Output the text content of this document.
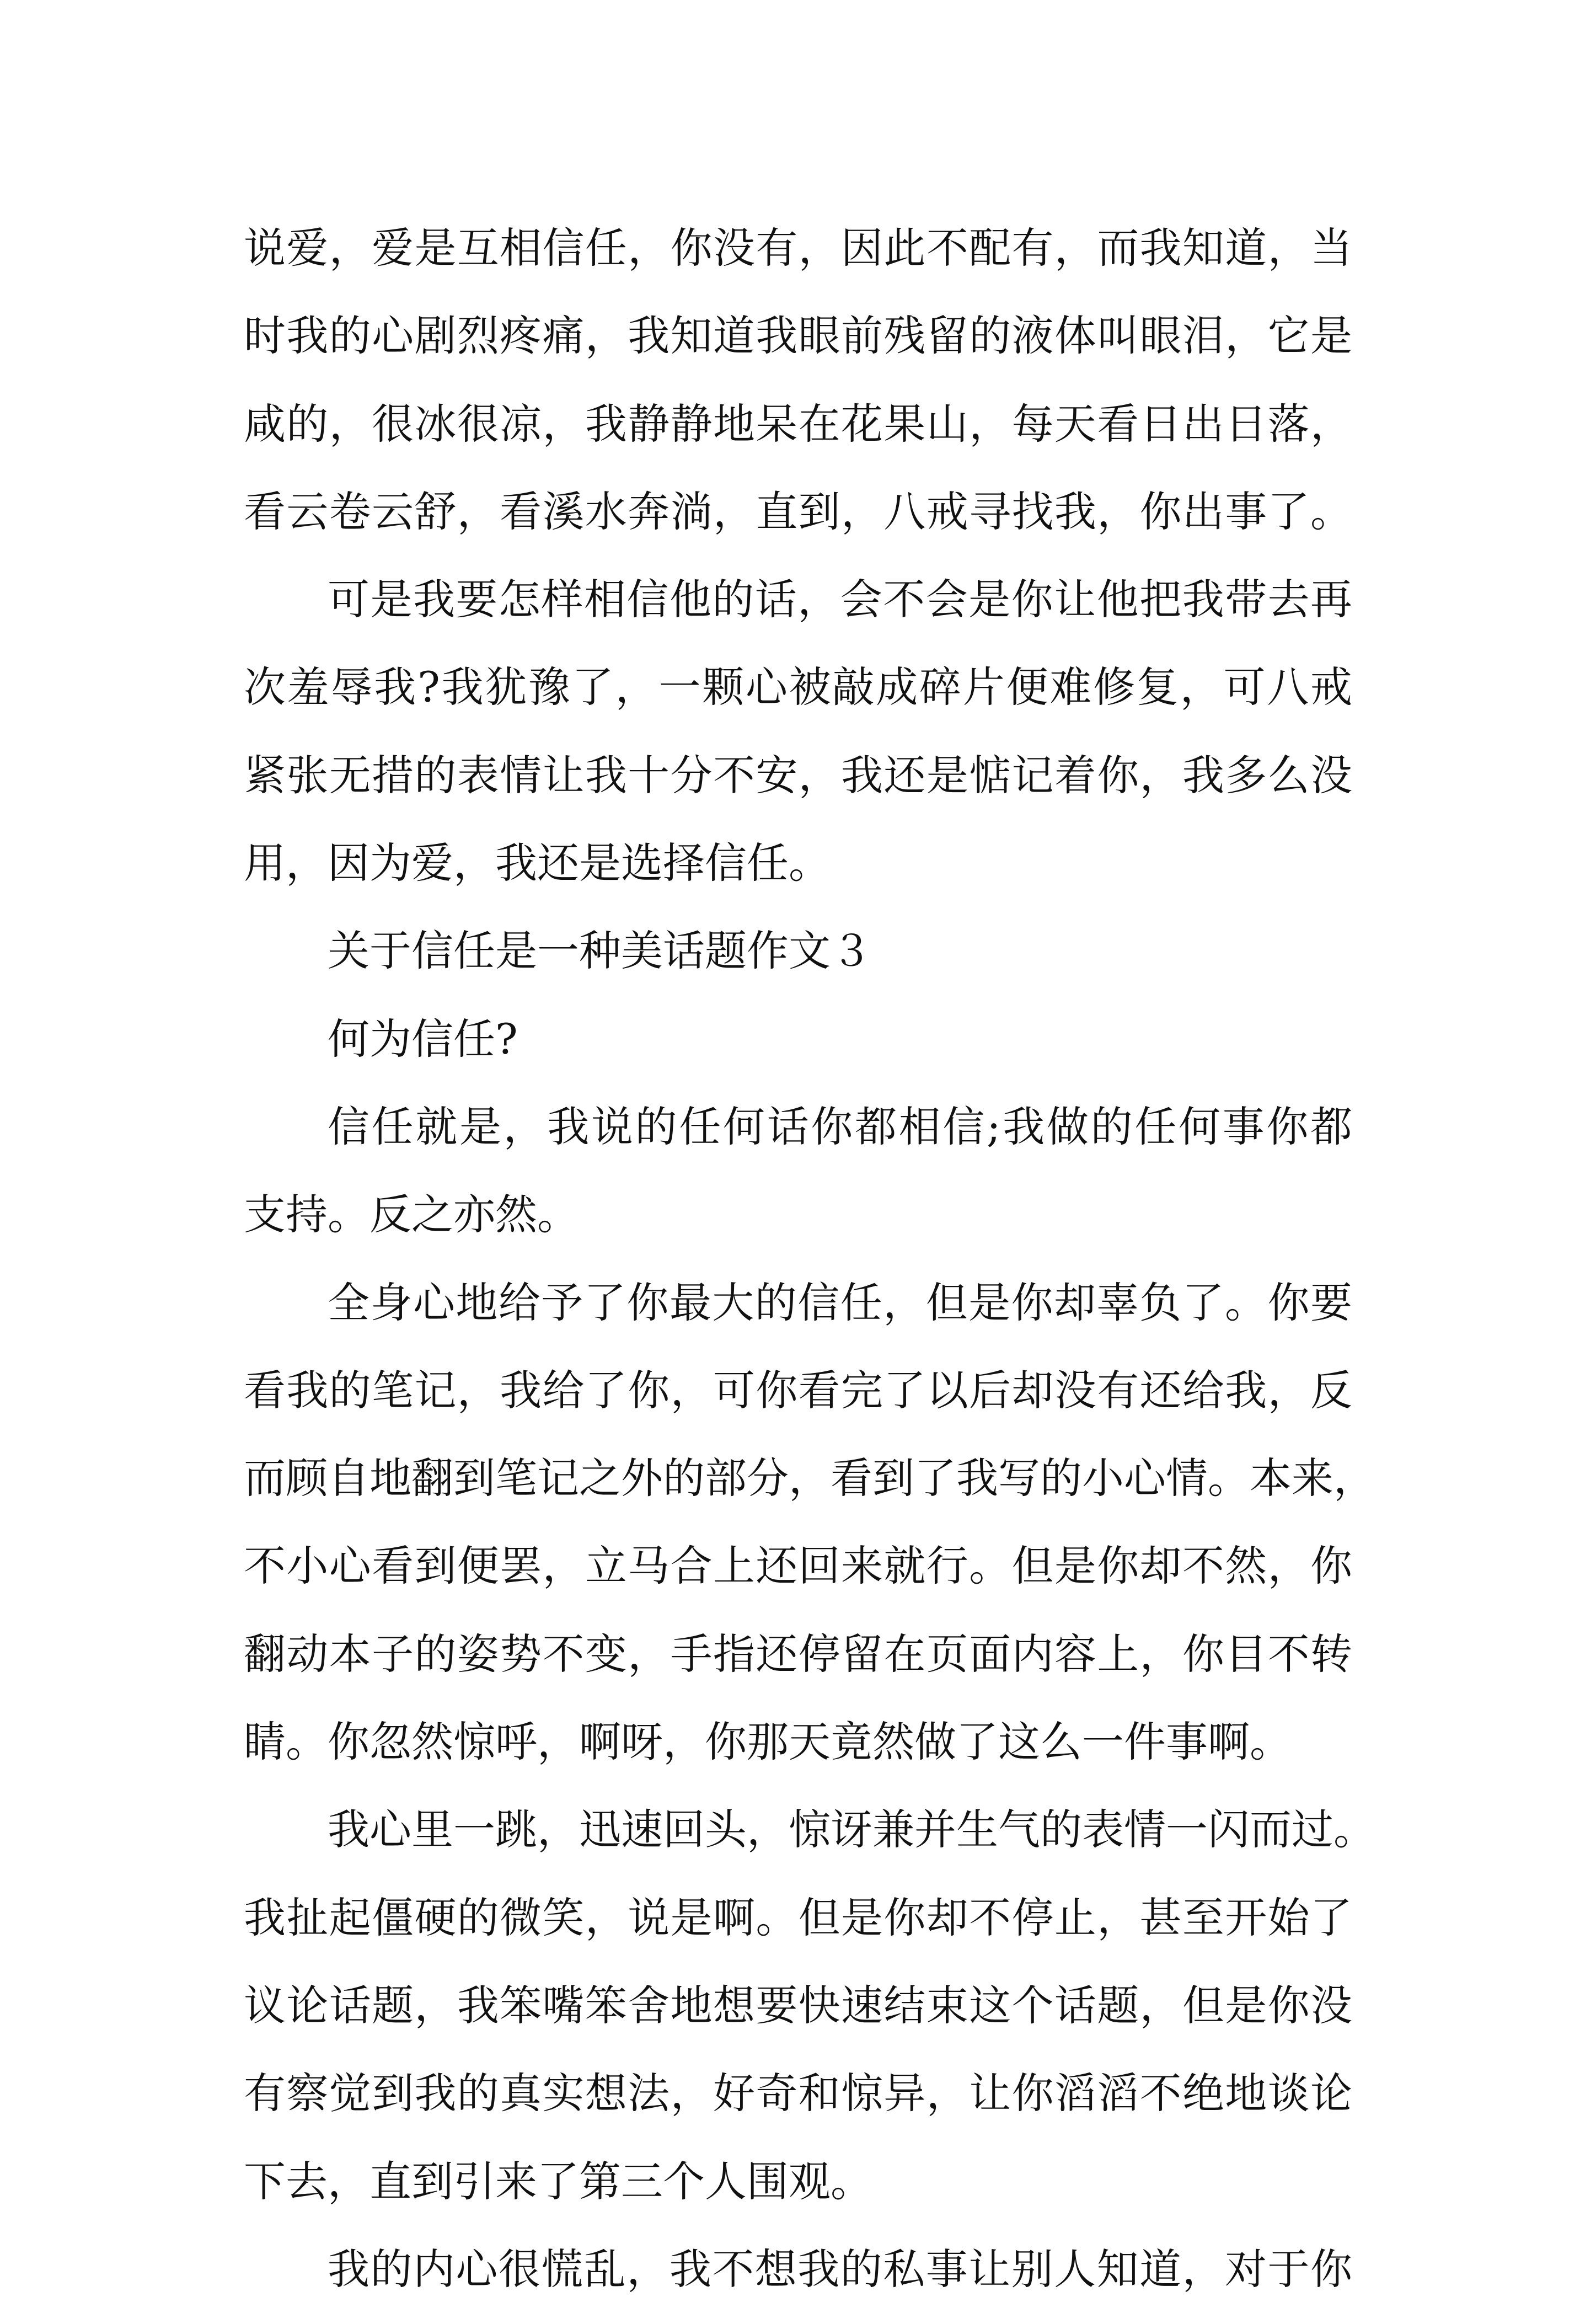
说爱，爱是互相信任，你没有，因此不配有，而我知道，当
时我的心剧烈疼痛，我知道我眼前残留的液体叫眼泪，它是
咸的，很冰很凉，我静静地呆在花果山，每天看日出日落，
看云卷云舒，看溪水奔淌，直到，八戒寻找我，你出事了。
可是我要怎样相信他的话，会不会是你让他把我带去再
次羞辱我?我犹豫了，一颗心被敲成碎片便难修复，可八戒
紧张无措的表情让我十分不安，我还是惦记着你，我多么没
用，因为爱，我还是选择信任。
关于信任是一种美话题作文３
何为信任?
信任就是，我说的任何话你都相信;我做的任何事你都
支持。反之亦然。
全身心地给予了你最大的信任，但是你却辜负了。你要
看我的笔记，我给了你，可你看完了以后却没有还给我，反
而顾自地翻到笔记之外的部分，看到了我写的小心情。本来，
不小心看到便罢，立马合上还回来就行。但是你却不然，你
翻动本子的姿势不变，手指还停留在页面内容上，你目不转
睛。你忽然惊呼，啊呀，你那天竟然做了这么一件事啊。
我心里一跳，迅速回头，惊讶兼并生气的表情一闪而过。
我扯起僵硬的微笑，说是啊。但是你却不停止，甚至开始了
议论话题，我笨嘴笨舍地想要快速结束这个话题，但是你没
有察觉到我的真实想法，好奇和惊异，让你滔滔不绝地谈论
下去，直到引来了第三个人围观。
我的内心很慌乱，我不想我的私事让别人知道，对于你
